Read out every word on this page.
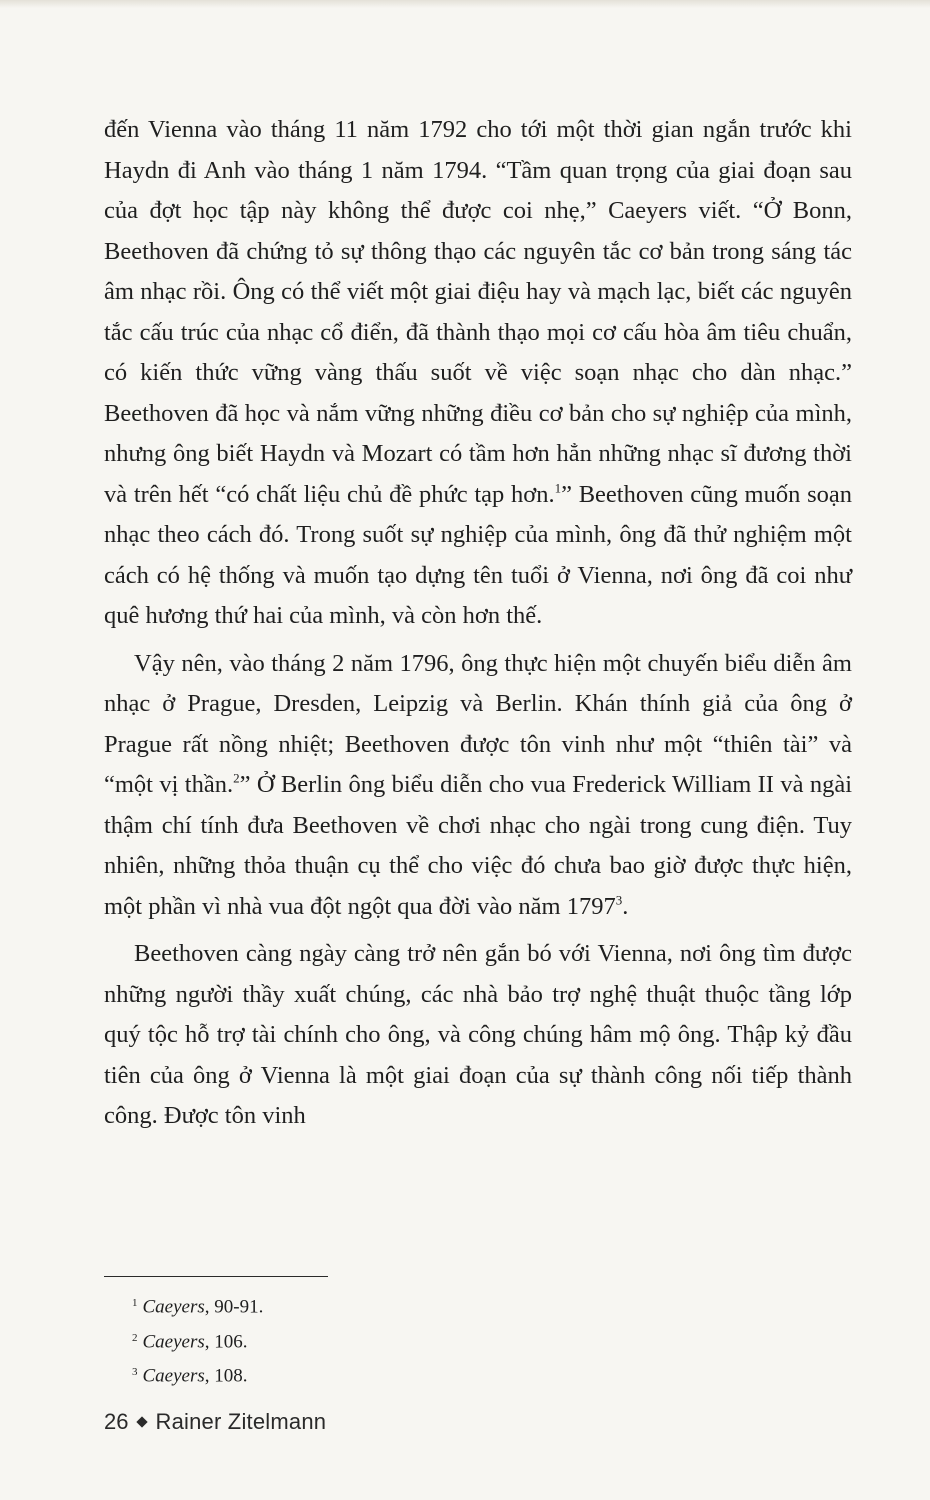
đến Vienna vào tháng 11 năm 1792 cho tới một thời gian ngắn trước khi Haydn đi Anh vào tháng 1 năm 1794. “Tầm quan trọng của giai đoạn sau của đợt học tập này không thể được coi nhẹ,” Caeyers viết. “Ở Bonn, Beethoven đã chứng tỏ sự thông thạo các nguyên tắc cơ bản trong sáng tác âm nhạc rồi. Ông có thể viết một giai điệu hay và mạch lạc, biết các nguyên tắc cấu trúc của nhạc cổ điển, đã thành thạo mọi cơ cấu hòa âm tiêu chuẩn, có kiến thức vững vàng thấu suốt về việc soạn nhạc cho dàn nhạc.” Beethoven đã học và nắm vững những điều cơ bản cho sự nghiệp của mình, nhưng ông biết Haydn và Mozart có tầm hơn hẳn những nhạc sĩ đương thời và trên hết “có chất liệu chủ đề phức tạp hơn.$^1$” Beethoven cũng muốn soạn nhạc theo cách đó. Trong suốt sự nghiệp của mình, ông đã thử nghiệm một cách có hệ thống và muốn tạo dựng tên tuổi ở Vienna, nơi ông đã coi như quê hương thứ hai của mình, và còn hơn thế.

Vậy nên, vào tháng 2 năm 1796, ông thực hiện một chuyến biểu diễn âm nhạc ở Prague, Dresden, Leipzig và Berlin. Khán thính giả của ông ở Prague rất nồng nhiệt; Beethoven được tôn vinh như một “thiên tài” và “một vị thần.$^2$” Ở Berlin ông biểu diễn cho vua Frederick William II và ngài thậm chí tính đưa Beethoven về chơi nhạc cho ngài trong cung điện. Tuy nhiên, những thỏa thuận cụ thể cho việc đó chưa bao giờ được thực hiện, một phần vì nhà vua đột ngột qua đời vào năm 1797$^3$.

Beethoven càng ngày càng trở nên gắn bó với Vienna, nơi ông tìm được những người thầy xuất chúng, các nhà bảo trợ nghệ thuật thuộc tầng lớp quý tộc hỗ trợ tài chính cho ông, và công chúng hâm mộ ông. Thập kỷ đầu tiên của ông ở Vienna là một giai đoạn của sự thành công nối tiếp thành công. Được tôn vinh

$^1$ Caeyers, 90-91.

$^2$ Caeyers, 106.

$^3$ Caeyers, 108.

26 Rainer Zitelmann
